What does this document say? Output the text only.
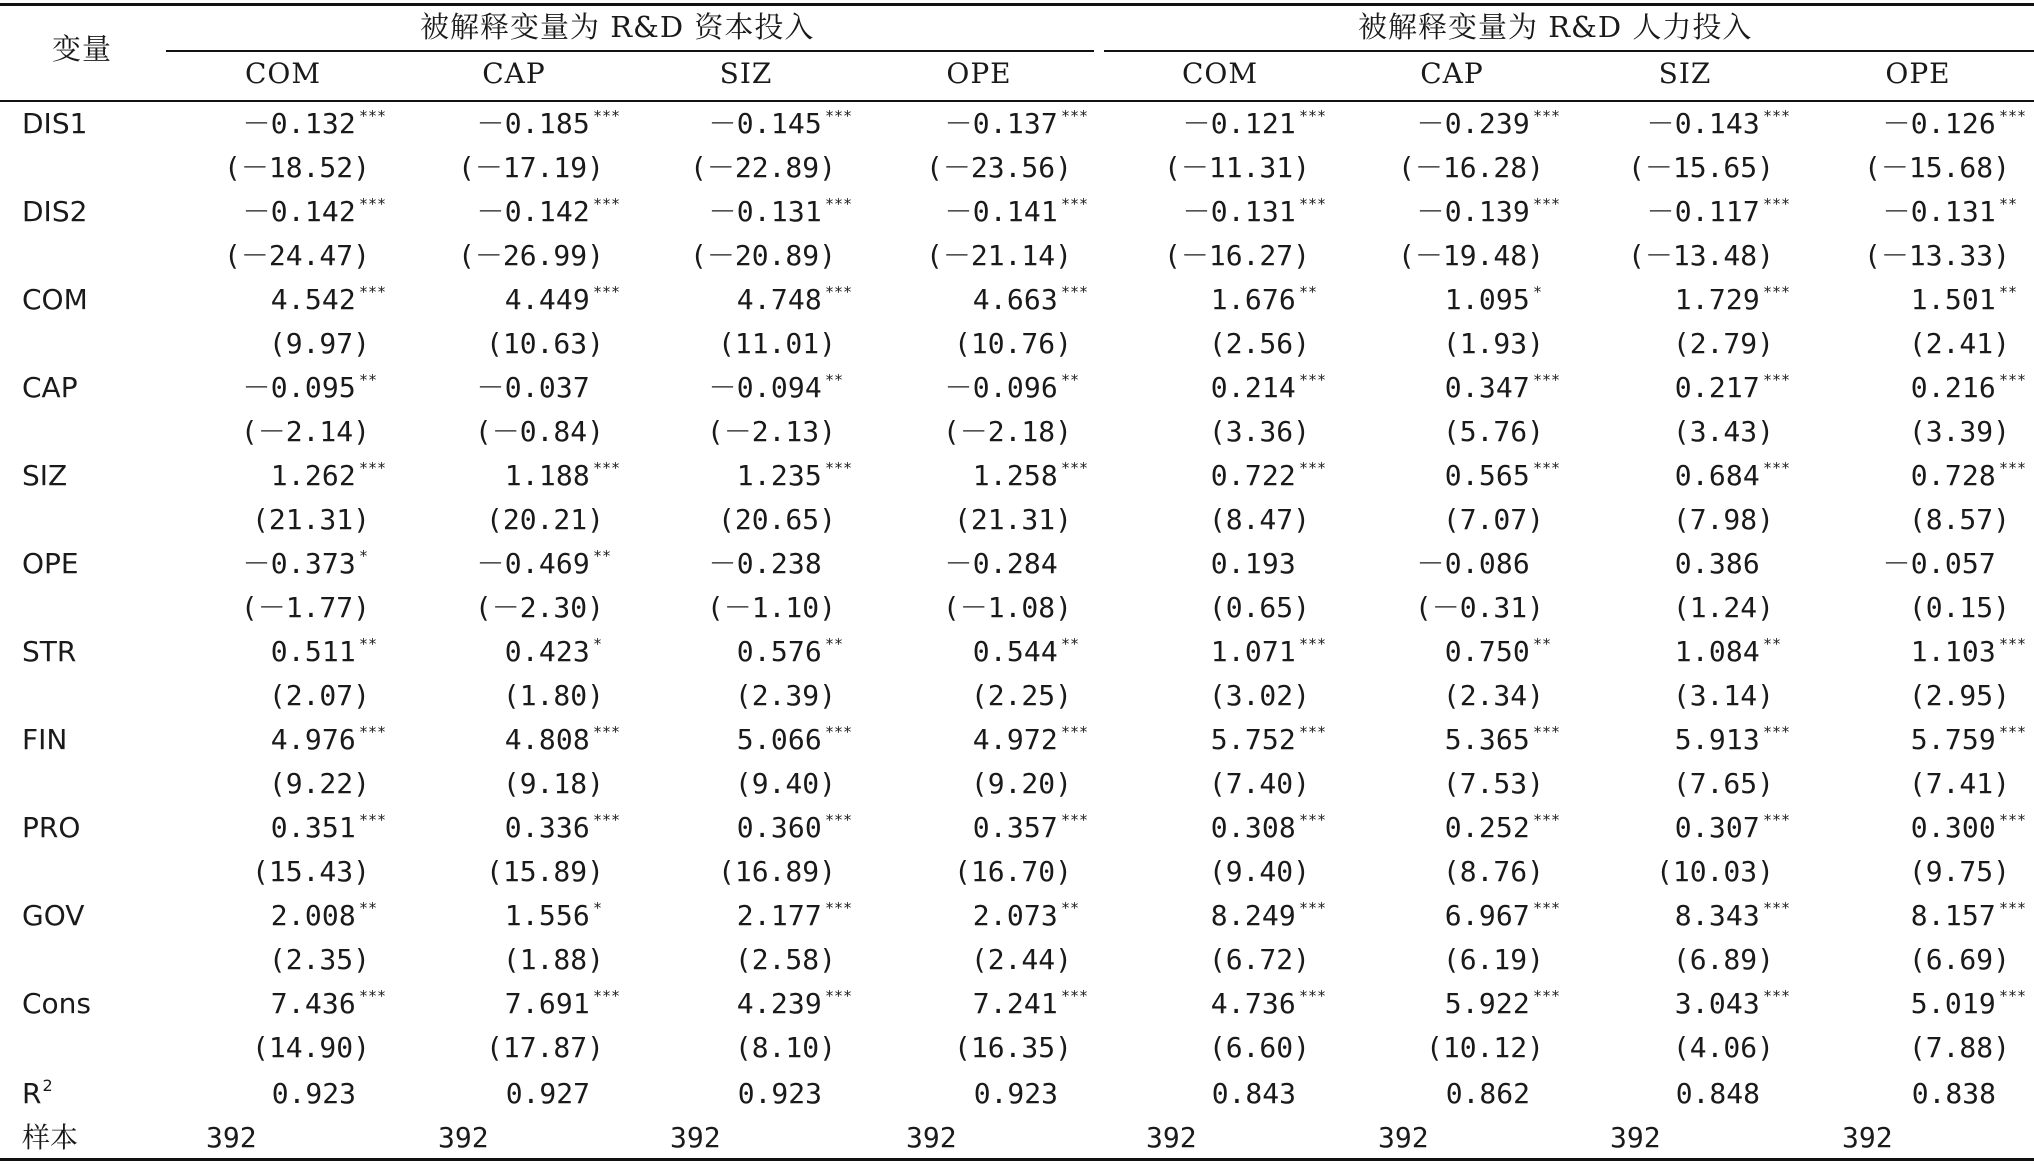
变量
被解释变量为 R&D 资本投入	被解释变量为 R&D 人力投入
COM	CAP	SIZ	OPE	COM	CAP	SIZ	OPE
DIS1	－0.132 ***	－0.185 ***	－0.145 ***	－0.137 ***	－0.121 ***	－0.239 ***	－0.143 ***	－0.126 ***
(－18.52)	(－17.19)	(－22.89)	(－23.56)	(－11.31)	(－16.28)	(－15.65)	(－15.68)
DIS2	－0.142 ***	－0.142 ***	－0.131 ***	－0.141 ***	－0.131 ***	－0.139 ***	－0.117 ***	－0.131 **
(－24.47)	(－26.99)	(－20.89)	(－21.14)	(－16.27)	(－19.48)	(－13.48)	(－13.33)
COM	4.542 ***	4.449 ***	4.748 ***	4.663 ***	1.676 **	1.095 *	1.729 ***	1.501 **
(9.97)	(10.63)	(11.01)	(10.76)	(2.56)	(1.93)	(2.79)	(2.41)
CAP	－0.095 **	－0.037	－0.094 **	－0.096 **	0.214 ***	0.347 ***	0.217 ***	0.216 ***
(－2.14)	(－0.84)	(－2.13)	(－2.18)	(3.36)	(5.76)	(3.43)	(3.39)
SIZ	1.262 ***	1.188 ***	1.235 ***	1.258 ***	0.722 ***	0.565 ***	0.684 ***	0.728 ***
(21.31)	(20.21)	(20.65)	(21.31)	(8.47)	(7.07)	(7.98)	(8.57)
OPE	－0.373 *	－0.469 **	－0.238	－0.284	0.193	－0.086	0.386	－0.057
(－1.77)	(－2.30)	(－1.10)	(－1.08)	(0.65)	(－0.31)	(1.24)	(0.15)
STR	0.511 **	0.423 *	0.576 **	0.544 **	1.071 ***	0.750 **	1.084 **	1.103 ***
(2.07)	(1.80)	(2.39)	(2.25)	(3.02)	(2.34)	(3.14)	(2.95)
FIN	4.976 ***	4.808 ***	5.066 ***	4.972 ***	5.752 ***	5.365 ***	5.913 ***	5.759 ***
(9.22)	(9.18)	(9.40)	(9.20)	(7.40)	(7.53)	(7.65)	(7.41)
PRO	0.351 ***	0.336 ***	0.360 ***	0.357 ***	0.308 ***	0.252 ***	0.307 ***	0.300 ***
(15.43)	(15.89)	(16.89)	(16.70)	(9.40)	(8.76)	(10.03)	(9.75)
GOV	2.008 **	1.556 *	2.177 ***	2.073 **	8.249 ***	6.967 ***	8.343 ***	8.157 ***
(2.35)	(1.88)	(2.58)	(2.44)	(6.72)	(6.19)	(6.89)	(6.69)
Cons	7.436 ***	7.691 ***	4.239 ***	7.241 ***	4.736 ***	5.922 ***	3.043 ***	5.019 ***
(14.90)	(17.87)	(8.10)	(16.35)	(6.60)	(10.12)	(4.06)	(7.88)
$R^2$	0.923	0.927	0.923	0.923	0.843	0.862	0.848	0.838
样本	392	392	392	392	392	392	392	392
